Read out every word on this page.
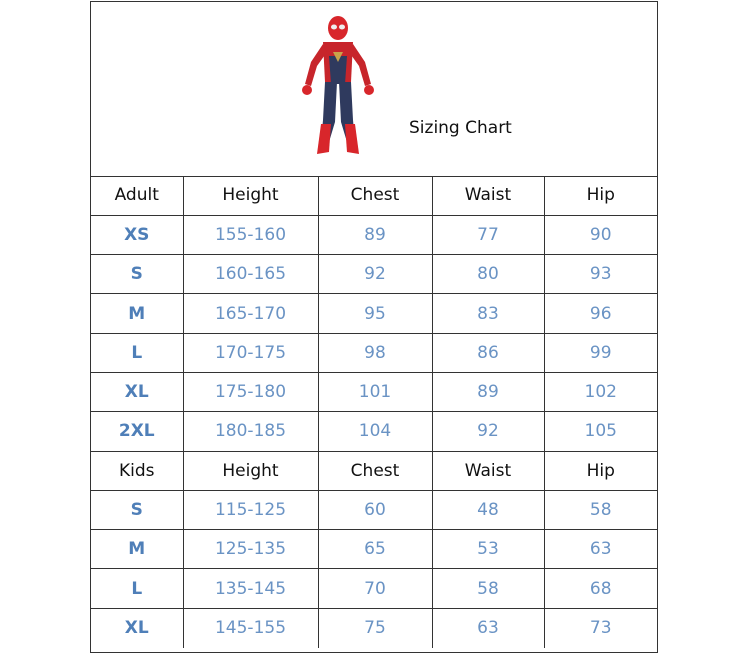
Sizing Chart
Adult	Height	Chest	Waist	Hip
XS	155-160	89	77	90
S	160-165	92	80	93
M	165-170	95	83	96
L	170-175	98	86	99
XL	175-180	101	89	102
2XL	180-185	104	92	105
Kids	Height	Chest	Waist	Hip
S	115-125	60	48	58
M	125-135	65	53	63
L	135-145	70	58	68
XL	145-155	75	63	73
